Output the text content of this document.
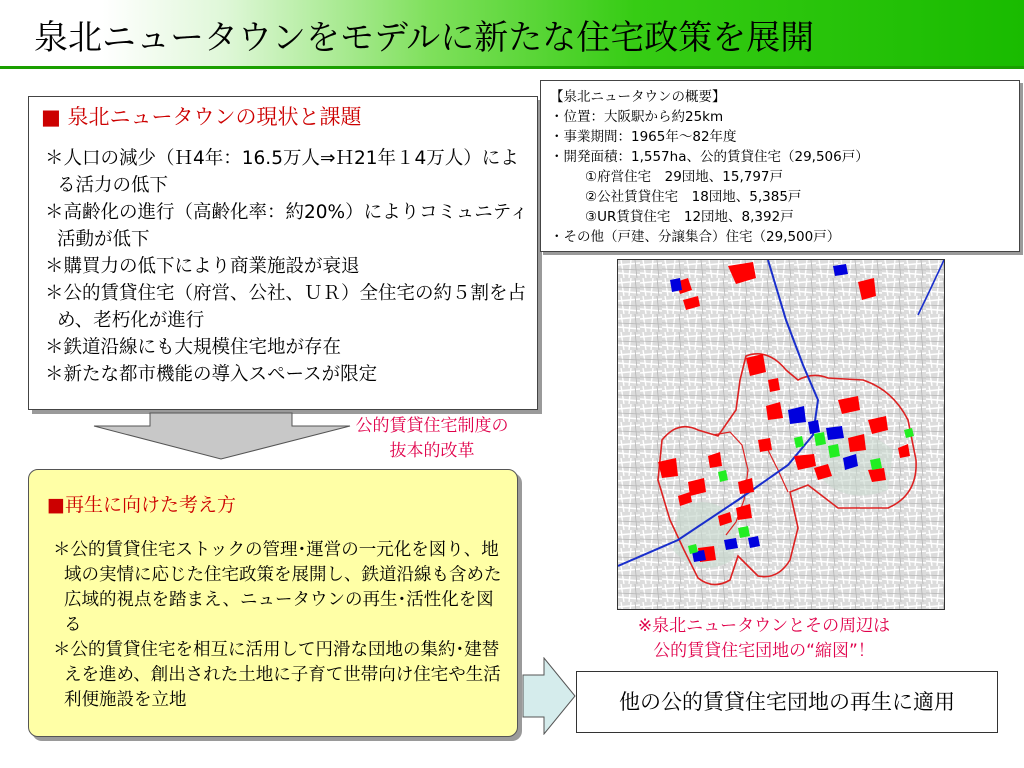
泉北ニュータウンをモデルに新たな住宅政策を展開
■ 泉北ニュータウンの現状と課題
＊人口の減少（Ｈ4年：16.5万人⇒Ｈ21年１4万人）による活力の低下
＊高齢化の進行（高齢化率：約20%）によりコミュニティ活動が低下
＊購買力の低下により商業施設が衰退
＊公的賃貸住宅（府営、公社、ＵＲ）全住宅の約５割を占め、老朽化が進行
＊鉄道沿線にも大規模住宅地が存在
＊新たな都市機能の導入スペースが限定
公的賃貸住宅制度の
抜本的改革
■再生に向けた考え方
＊公的賃貸住宅ストックの管理･運営の一元化を図り、地域の実情に応じた住宅政策を展開し、鉄道沿線も含めた広域的視点を踏まえ、ニュータウンの再生･活性化を図る
＊公的賃貸住宅を相互に活用して円滑な団地の集約･建替えを進め、創出された土地に子育て世帯向け住宅や生活利便施設を立地	他の公的賃貸住宅団地の再生に適用
【泉北ニュータウンの概要】
・位置：大阪駅から約25km
・事業期間：1965年～82年度
・開発面積：1,557ha、公的賃貸住宅（29,506戸）
①府営住宅　29団地、15,797戸
②公社賃貸住宅　18団地、5,385戸
③UR賃貸住宅　12団地、8,392戸
・その他（戸建、分譲集合）住宅（29,500戸）
※泉北ニュータウンとその周辺は
公的賃貸住宅団地の“縮図”！
